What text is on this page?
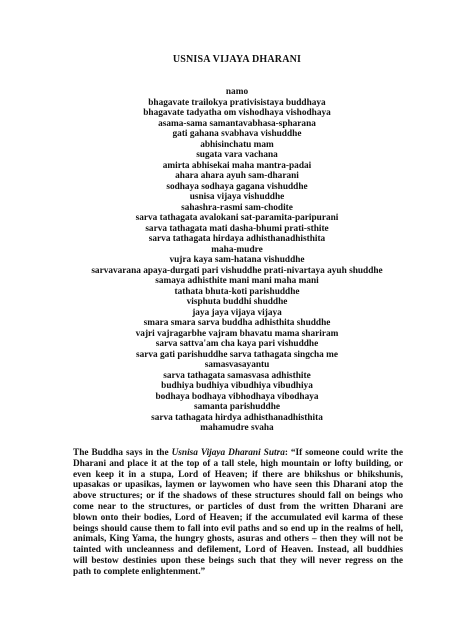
USNISA VIJAYA DHARANI
namo
bhagavate trailokya prativisistaya buddhaya
bhagavate tadyatha om vishodhaya vishodhaya
asama-sama samantavabhasa-spharana
gati gahana svabhava vishuddhe
abhisinchatu mam
sugata vara vachana
amirta abhisekai maha mantra-padai
ahara ahara ayuh sam-dharani
sodhaya sodhaya gagana vishuddhe
usnisa vijaya vishuddhe
sahashra-rasmi sam-chodite
sarva tathagata avalokani sat-paramita-paripurani
sarva tathagata mati dasha-bhumi prati-sthite
sarva tathagata hirdaya adhisthanadhisthita
maha-mudre
vujra kaya sam-hatana vishuddhe
sarvavarana apaya-durgati pari vishuddhe prati-nivartaya ayuh shuddhe
samaya adhisthite mani mani maha mani
tathata bhuta-koti parishuddhe
visphuta buddhi shuddhe
jaya jaya vijaya vijaya
smara smara sarva buddha adhisthita shuddhe
vajri vajragarbhe vajram bhavatu mama shariram
sarva sattva'am cha kaya pari vishuddhe
sarva gati parishuddhe sarva tathagata singcha me
samasvasayantu
sarva tathagata samasvasa adhisthite
budhiya budhiya vibudhiya vibudhiya
bodhaya bodhaya vibhodhaya vibodhaya
samanta parishuddhe
sarva tathagata hirdya adhisthanadhisthita
mahamudre svaha

The Buddha says in the Usnisa Vijaya Dharani Sutra: “If someone could write the Dharani and place it at the top of a tall stele, high mountain or lofty building, or even keep it in a stupa, Lord of Heaven; if there are bhikshus or bhikshunis, upasakas or upasikas, laymen or laywomen who have seen this Dharani atop the above structures; or if the shadows of these structures should fall on beings who come near to the structures, or particles of dust from the written Dharani are blown onto their bodies, Lord of Heaven; if the accumulated evil karma of these beings should cause them to fall into evil paths and so end up in the realms of hell, animals, King Yama, the hungry ghosts, asuras and others – then they will not be tainted with uncleanness and defilement, Lord of Heaven. Instead, all buddhies will bestow destinies upon these beings such that they will never regress on the path to complete enlightenment.”
